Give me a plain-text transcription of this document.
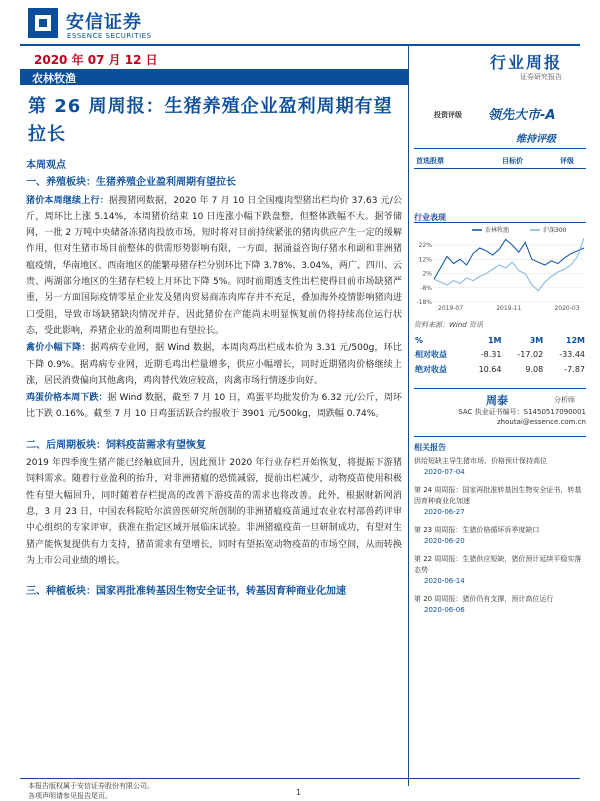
安信证券
ESSENCE SECURITIES
2020 年 07 月 12 日	行业周报
证券研究报告
农林牧渔
第 26 周周报：生猪养殖企业盈利周期有望拉长
投资评级 领先大市-A
维持评级
首选股票	目标价	评级
行业表现
22%
12%
2%
-8%
-18%
2019-07	2019-11	2020-03
农林牧渔	沪深300
资料来源：Wind 资讯
%	1M	3M	12M
相对收益	-8.31	-17.02	-33.44
绝对收益	10.64	9.08	-7.87
周泰	分析师
SAC 执业证书编号：S1450517090001
zhoutai@essence.com.cn
相关报告
供给短缺主导生猪市场，价格预计保持高位
2020-07-04
第 24 周周报：国家再批准转基因生物安全证书，转基因育种商业化加速
2020-06-27
第 23 周周报：生猪价格循环诉季度缺口
2020-06-20
第 22 周周报：生猪供应短缺，猪价预计延续平稳实落态势
2020-06-14
第 20 周周报：猪价仍有支撑，预计高位运行
2020-06-06

本周观点

一、养殖板块：生猪养殖企业盈利周期有望拉长

猪价本周继续上行：据搜猪网数据，2020 年 7 月 10 日全国瘦肉型猪出栏均价 37.63 元/公斤，周环比上涨 5.14%，本周猪价结束 10 日连涨小幅下跌盘整，但整体跌幅不大。据爷储网，一批 2 万吨中央储备冻猪肉投放市场，短时将对目前持续紧张的猪肉供应产生一定的缓解作用，但对生猪市场目前整体的供需形势影响有限，一方面，据涌益咨询仔猪水和副和非洲猪瘟疫情，华南地区、西南地区的能繁母猪存栏分别环比下降 3.78%、3.04%，两广、四川、云贵、两湖部分地区的生猪存栏较上月环比下降 5%。同时前期透支性出栏使得目前市场缺猪严重，另一方面国际疫情零星企业发及猪肉贸易商冻肉库存并不充足，叠加海外疫情影响猪肉进口受阻，导致市场缺猪缺肉情况并存，因此猪价在产能尚未明显恢复前仍将持续高位运行状态，受此影响，养猪企业的盈利周期也有望拉长。

禽价小幅下降：据鸡病专业网，据 Wind 数据，本周肉鸡出栏成本价为 3.31 元/500g，环比下降 0.9%。据鸡病专业网，近期毛鸡出栏量增多，供应小幅增长，同时近期猪肉价格继续上涨，居民消费偏向其他禽肉，鸡肉替代效应较高，肉禽市场行情逐步向好。

鸡蛋价格本周下跌：据 Wind 数据，截至 7 月 10 日，鸡蛋平均批发价为 6.32 元/公斤，周环比下跌 0.16%。截至 7 月 10 日鸡蛋活跃合约报收于 3901 元/500kg，周跌幅 0.74%。

二、后周期板块：饲料疫苗需求有望恢复

2019 年四季度生猪产能已经触底回升，因此预计 2020 年行业存栏开始恢复，将提振下游猪饲料需求。随着行业盈利的抬升，对非洲猪瘟的恐慌减弱，提前出栏减少，动物疫苗使用积极性有望大幅回升，同时随着存栏提高的改善下游疫苗的需求也将改善。此外，根据财新网消息，3 月 23 日，中国农科院哈尔滨兽医研究所创制的非洲猪瘟疫苗通过农业农村部兽药评审中心组织的专家评审，获准在指定区域开展临床试验。非洲猪瘟疫苗一旦研制成功，有望对生猪产能恢复提供有力支持，猪苗需求有望增长，同时有望拓宽动物疫苗的市场空间，从而转换为上市公司业绩的增长。

三、种植板块：国家再批准转基因生物安全证书，转基因育种商业化加速

本报告版权属于安信证券股份有限公司。
各项声明请参见报告尾页。	1
